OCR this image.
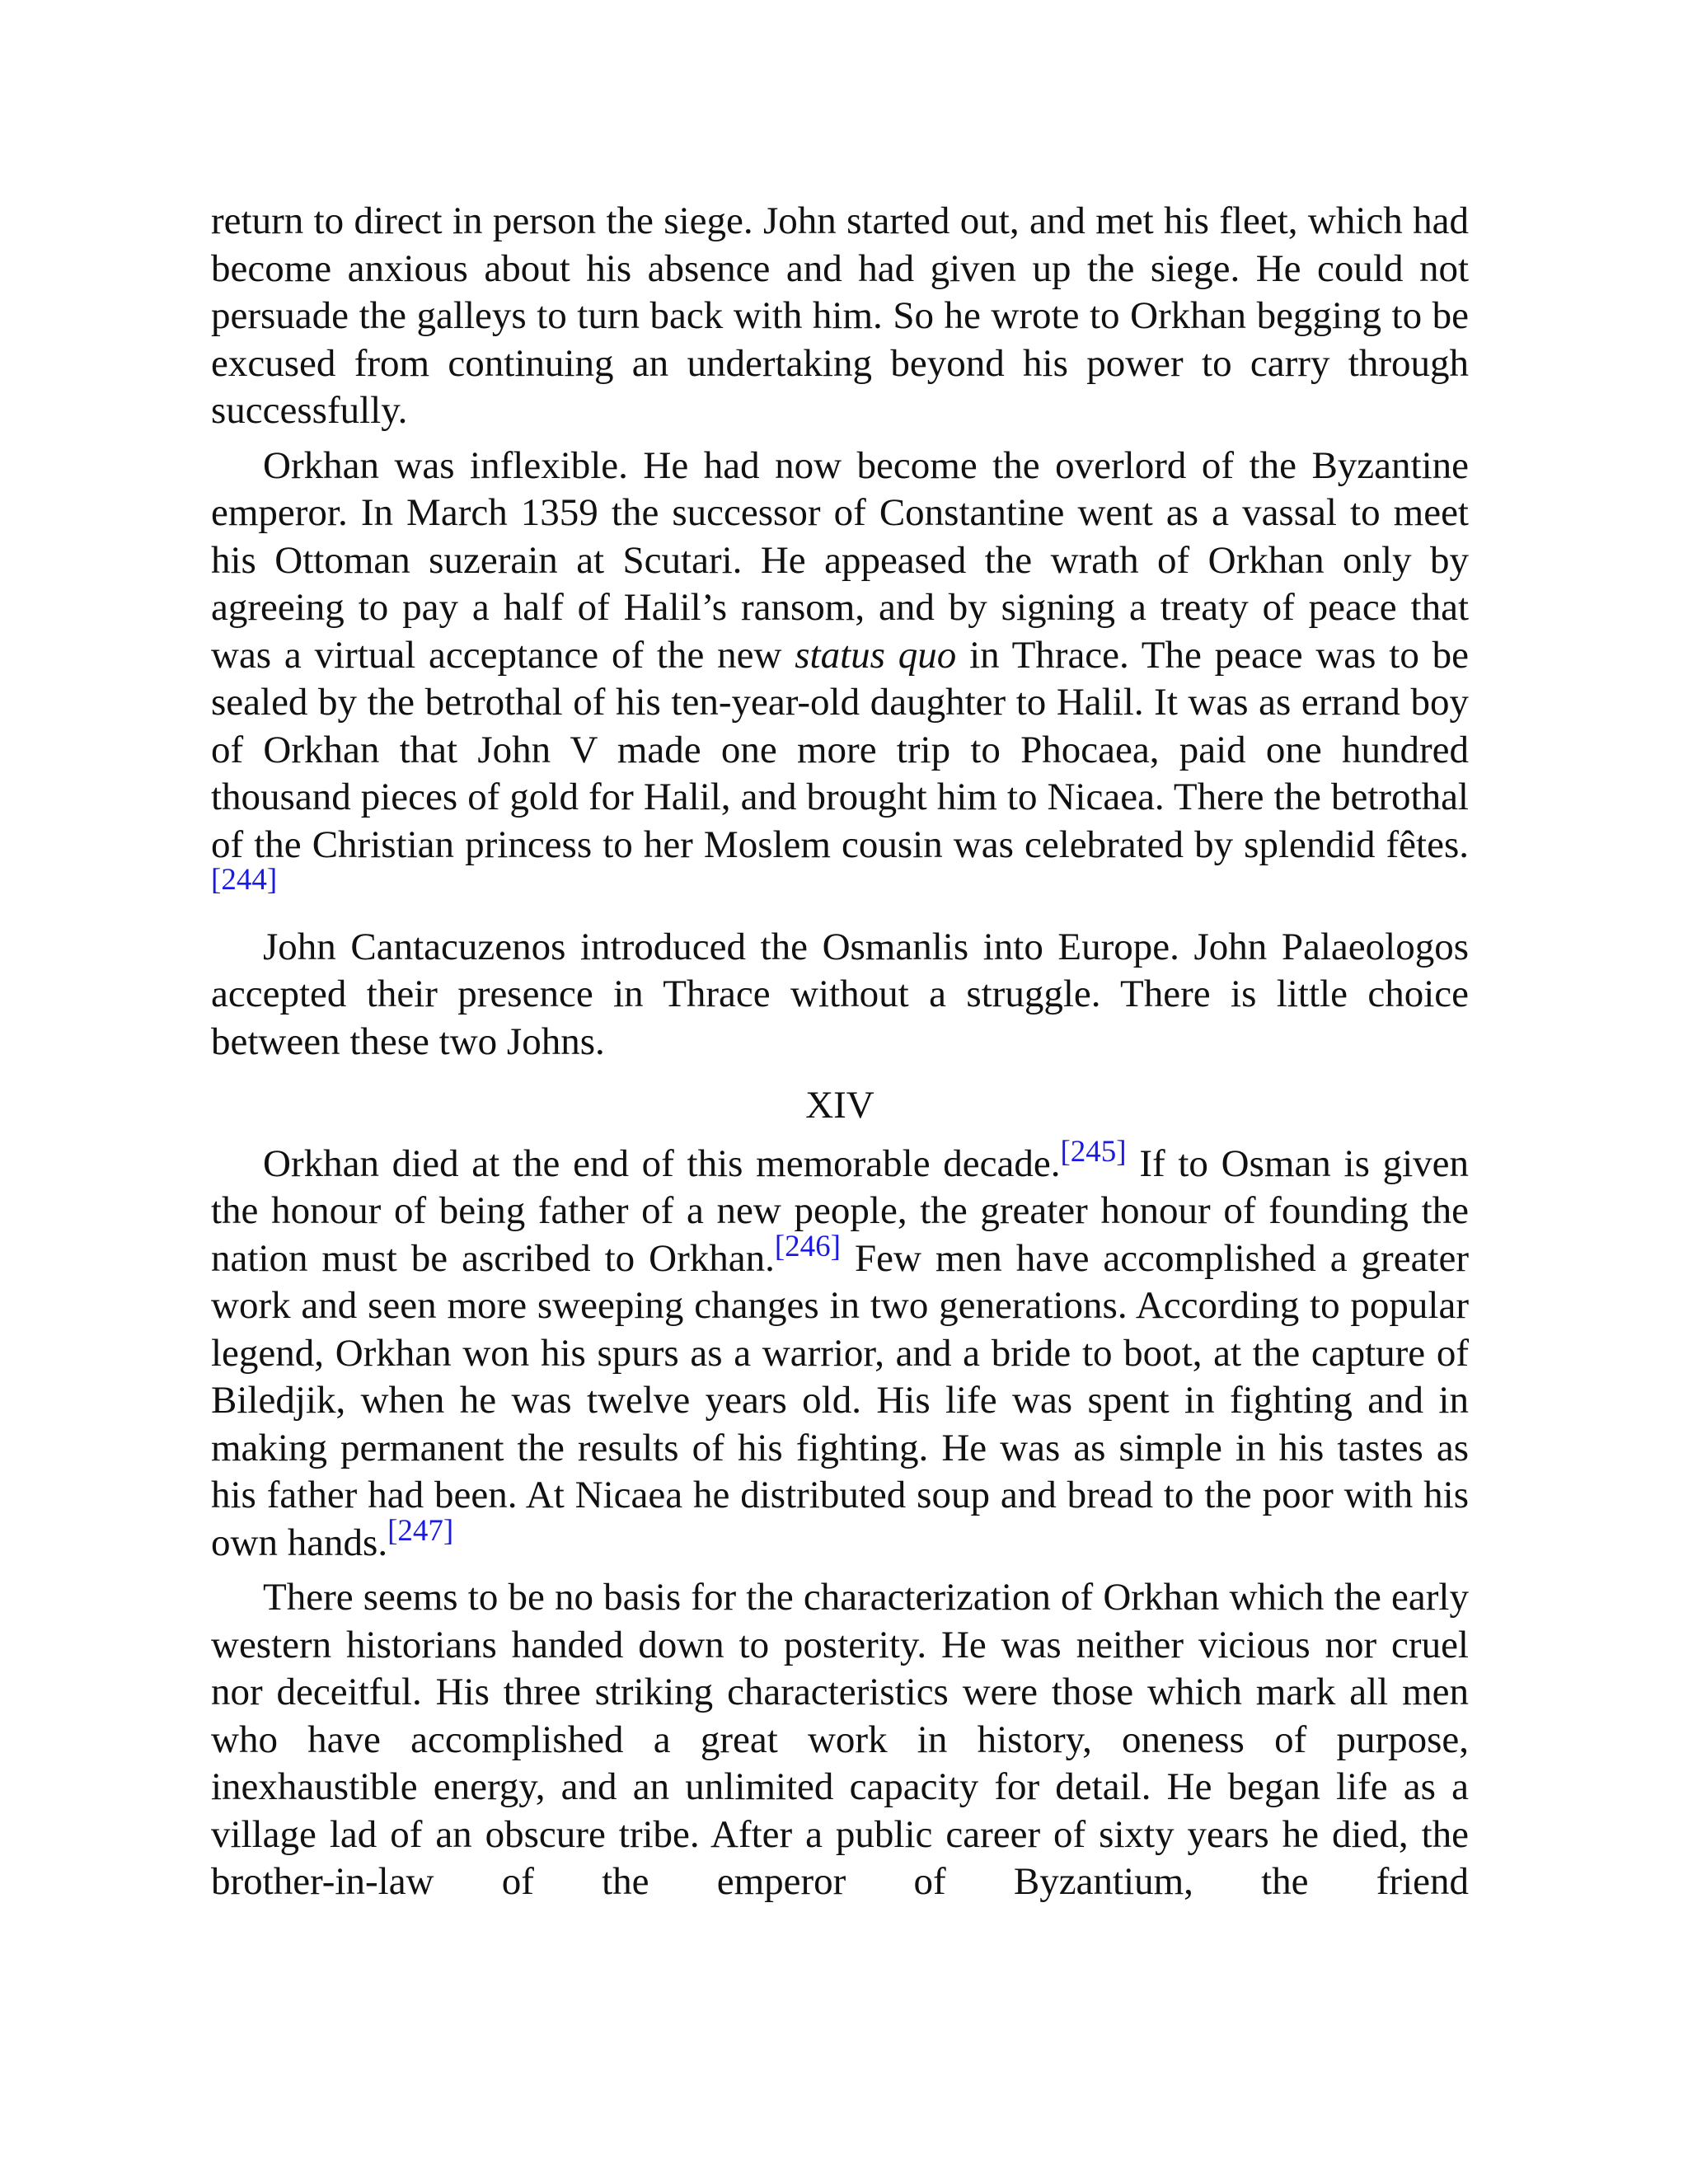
return to direct in person the siege. John started out, and met his fleet, which had become anxious about his absence and had given up the siege. He could not persuade the galleys to turn back with him. So he wrote to Orkhan begging to be excused from continuing an undertaking beyond his power to carry through successfully.

Orkhan was inflexible. He had now become the overlord of the Byzantine emperor. In March 1359 the successor of Constantine went as a vassal to meet his Ottoman suzerain at Scutari. He appeased the wrath of Orkhan only by agreeing to pay a half of Halil’s ransom, and by signing a treaty of peace that was a virtual acceptance of the new status quo in Thrace. The peace was to be sealed by the betrothal of his ten-year-old daughter to Halil. It was as errand boy of Orkhan that John V made one more trip to Phocaea, paid one hundred thousand pieces of gold for Halil, and brought him to Nicaea. There the betrothal of the Christian princess to her Moslem cousin was celebrated by splendid fêtes.[244]

John Cantacuzenos introduced the Osmanlis into Europe. John Palaeologos accepted their presence in Thrace without a struggle. There is little choice between these two Johns.

XIV

Orkhan died at the end of this memorable decade.[245] If to Osman is given the honour of being father of a new people, the greater honour of founding the nation must be ascribed to Orkhan.[246] Few men have accomplished a greater work and seen more sweeping changes in two generations. According to popular legend, Orkhan won his spurs as a warrior, and a bride to boot, at the capture of Biledjik, when he was twelve years old. His life was spent in fighting and in making permanent the results of his fighting. He was as simple in his tastes as his father had been. At Nicaea he distributed soup and bread to the poor with his own hands.[247]

There seems to be no basis for the characterization of Orkhan which the early western historians handed down to posterity. He was neither vicious nor cruel nor deceitful. His three striking characteristics were those which mark all men who have accomplished a great work in history, oneness of purpose, inexhaustible energy, and an unlimited capacity for detail. He began life as a village lad of an obscure tribe. After a public career of sixty years he died, the brother-in-law of the emperor of Byzantium, the friend
